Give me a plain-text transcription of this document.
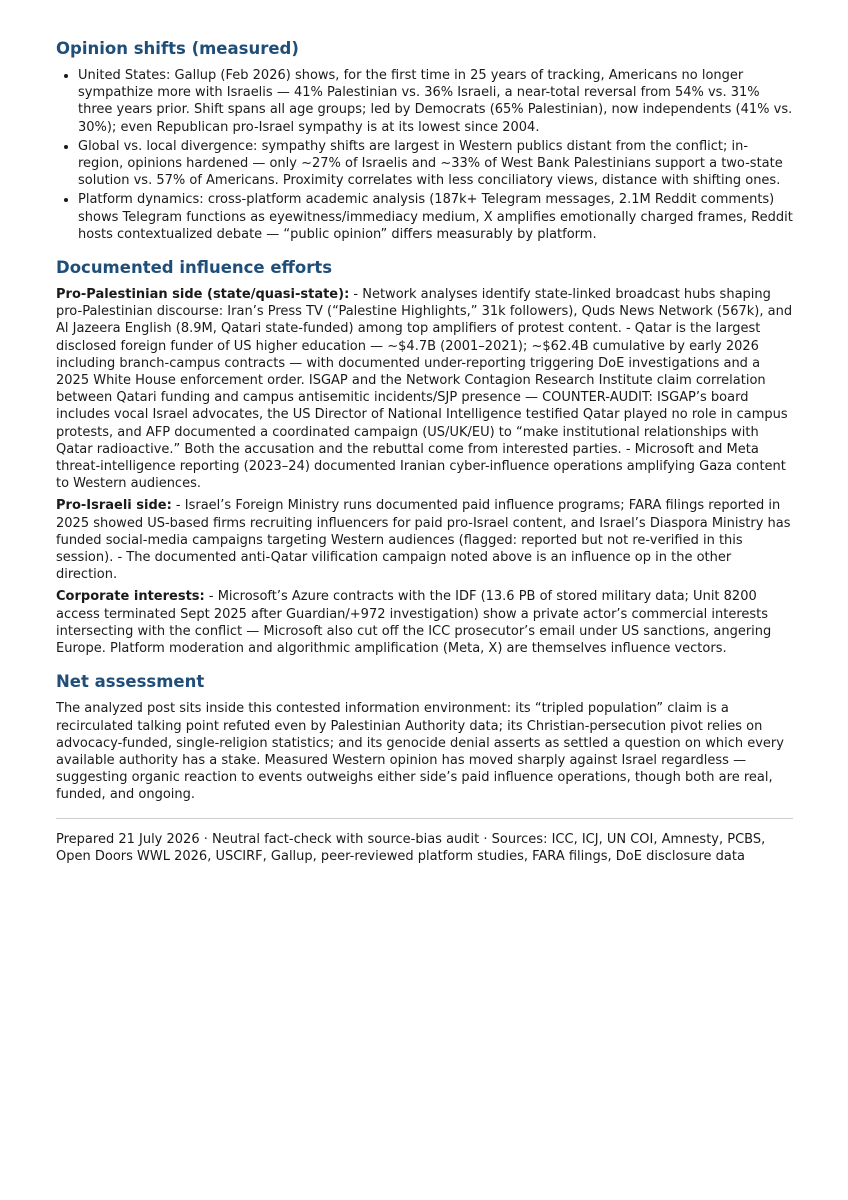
Opinion shifts (measured)
• United States: Gallup (Feb 2026) shows, for the first time in 25 years of tracking, Americans no longer sympathize more with Israelis — 41% Palestinian vs. 36% Israeli, a near-total reversal from 54% vs. 31% three years prior. Shift spans all age groups; led by Democrats (65% Palestinian), now independents (41% vs. 30%); even Republican pro-Israel sympathy is at its lowest since 2004.
• Global vs. local divergence: sympathy shifts are largest in Western publics distant from the conflict; in-region, opinions hardened — only ~27% of Israelis and ~33% of West Bank Palestinians support a two-state solution vs. 57% of Americans. Proximity correlates with less conciliatory views, distance with shifting ones.
• Platform dynamics: cross-platform academic analysis (187k+ Telegram messages, 2.1M Reddit comments) shows Telegram functions as eyewitness/immediacy medium, X amplifies emotionally charged frames, Reddit hosts contextualized debate — “public opinion” differs measurably by platform.
Documented influence efforts

Pro-Palestinian side (state/quasi-state): - Network analyses identify state-linked broadcast hubs shaping pro-Palestinian discourse: Iran’s Press TV (“Palestine Highlights,” 31k followers), Quds News Network (567k), and Al Jazeera English (8.9M, Qatari state-funded) among top amplifiers of protest content. - Qatar is the largest disclosed foreign funder of US higher education — ~$4.7B (2001–2021); ~$62.4B cumulative by early 2026 including branch-campus contracts — with documented under-reporting triggering DoE investigations and a 2025 White House enforcement order. ISGAP and the Network Contagion Research Institute claim correlation between Qatari funding and campus antisemitic incidents/SJP presence — COUNTER-AUDIT: ISGAP’s board includes vocal Israel advocates, the US Director of National Intelligence testified Qatar played no role in campus protests, and AFP documented a coordinated campaign (US/UK/EU) to “make institutional relationships with Qatar radioactive.” Both the accusation and the rebuttal come from interested parties. - Microsoft and Meta threat-intelligence reporting (2023–24) documented Iranian cyber-influence operations amplifying Gaza content to Western audiences.

Pro-Israeli side: - Israel’s Foreign Ministry runs documented paid influence programs; FARA filings reported in 2025 showed US-based firms recruiting influencers for paid pro-Israel content, and Israel’s Diaspora Ministry has funded social-media campaigns targeting Western audiences (flagged: reported but not re-verified in this session). - The documented anti-Qatar vilification campaign noted above is an influence op in the other direction.

Corporate interests: - Microsoft’s Azure contracts with the IDF (13.6 PB of stored military data; Unit 8200 access terminated Sept 2025 after Guardian/+972 investigation) show a private actor’s commercial interests intersecting with the conflict — Microsoft also cut off the ICC prosecutor’s email under US sanctions, angering Europe. Platform moderation and algorithmic amplification (Meta, X) are themselves influence vectors.

Net assessment

The analyzed post sits inside this contested information environment: its “tripled population” claim is a recirculated talking point refuted even by Palestinian Authority data; its Christian-persecution pivot relies on advocacy-funded, single-religion statistics; and its genocide denial asserts as settled a question on which every available authority has a stake. Measured Western opinion has moved sharply against Israel regardless — suggesting organic reaction to events outweighs either side’s paid influence operations, though both are real, funded, and ongoing.

Prepared 21 July 2026 · Neutral fact-check with source-bias audit · Sources: ICC, ICJ, UN COI, Amnesty, PCBS, Open Doors WWL 2026, USCIRF, Gallup, peer-reviewed platform studies, FARA filings, DoE disclosure data
